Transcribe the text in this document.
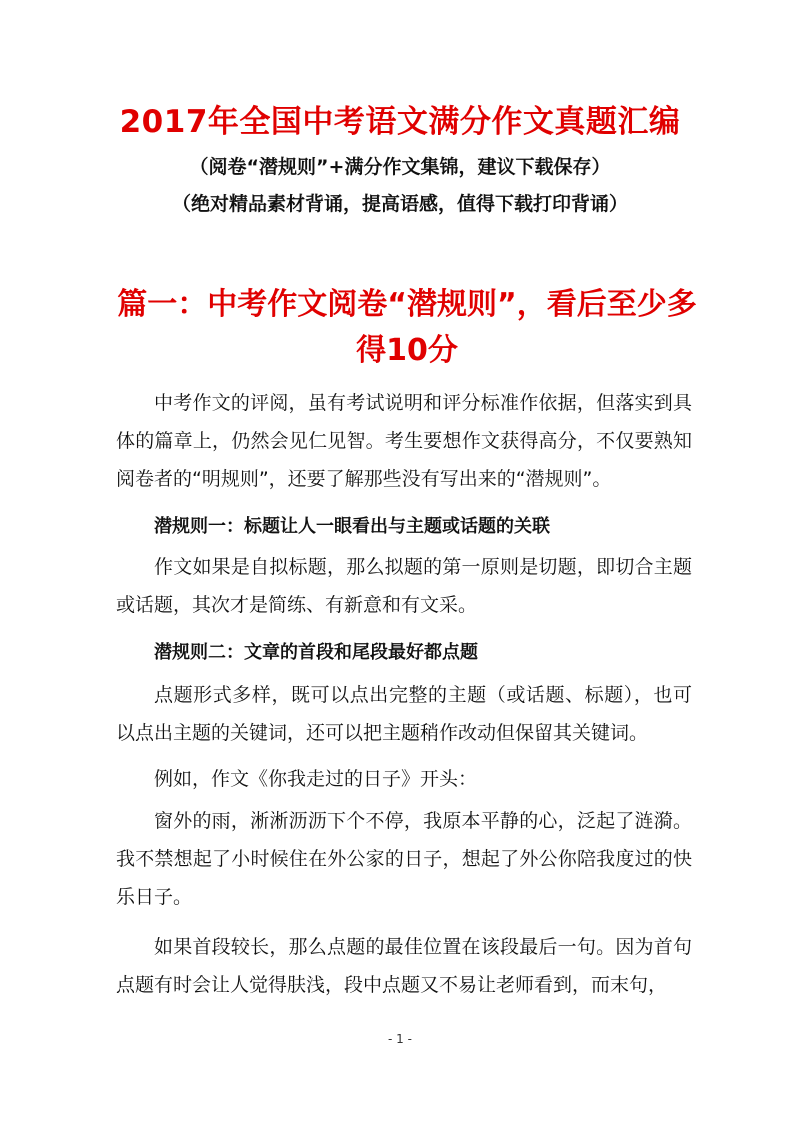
2017年全国中考语文满分作文真题汇编
（阅卷“潜规则”+满分作文集锦，建议下载保存）
（绝对精品素材背诵，提高语感，值得下载打印背诵）
篇一：中考作文阅卷“潜规则”，看后至少多得10分
中考作文的评阅，虽有考试说明和评分标准作依据，但落实到具体的篇章上，仍然会见仁见智。考生要想作文获得高分，不仅要熟知阅卷者的“明规则”，还要了解那些没有写出来的“潜规则”。
潜规则一：标题让人一眼看出与主题或话题的关联
作文如果是自拟标题，那么拟题的第一原则是切题，即切合主题或话题，其次才是简练、有新意和有文采。
潜规则二：文章的首段和尾段最好都点题
点题形式多样，既可以点出完整的主题（或话题、标题），也可以点出主题的关键词，还可以把主题稍作改动但保留其关键词。
例如，作文《你我走过的日子》开头：
窗外的雨，淅淅沥沥下个不停，我原本平静的心，泛起了涟漪。我不禁想起了小时候住在外公家的日子，想起了外公你陪我度过的快乐日子。
如果首段较长，那么点题的最佳位置在该段最后一句。因为首句点题有时会让人觉得肤浅，段中点题又不易让老师看到，而末句，
- 1 -
